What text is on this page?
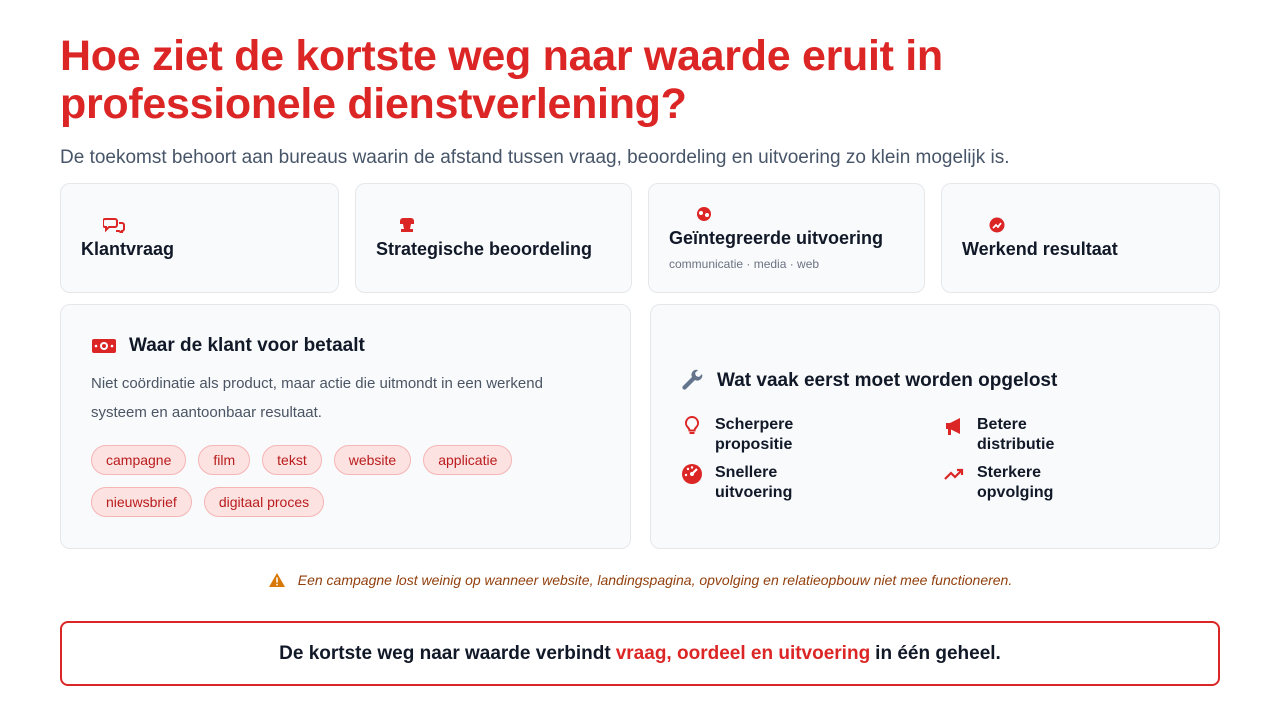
Hoe ziet de kortste weg naar waarde eruit in professionele dienstverlening?

De toekomst behoort aan bureaus waarin de afstand tussen vraag, beoordeling en uitvoering zo klein mogelijk is.

Klantvraag	Strategische beoordeling
Geïntegreerde uitvoering
communicatie · media · web
Werkend resultaat
Waar de klant voor betaalt

Niet coördinatie als product, maar actie die uitmondt in een werkend systeem en aantoonbaar resultaat.

campagne	film	tekst	website	applicatie
nieuwsbrief	digitaal proces
Wat vaak eerst moet worden opgelost
Scherpere propositie
Betere distributie
Snellere uitvoering
Sterkere opvolging
Een campagne lost weinig op wanneer website, landingspagina, opvolging en relatieopbouw niet mee functioneren.
De kortste weg naar waarde verbindt vraag, oordeel en uitvoering in één geheel.
